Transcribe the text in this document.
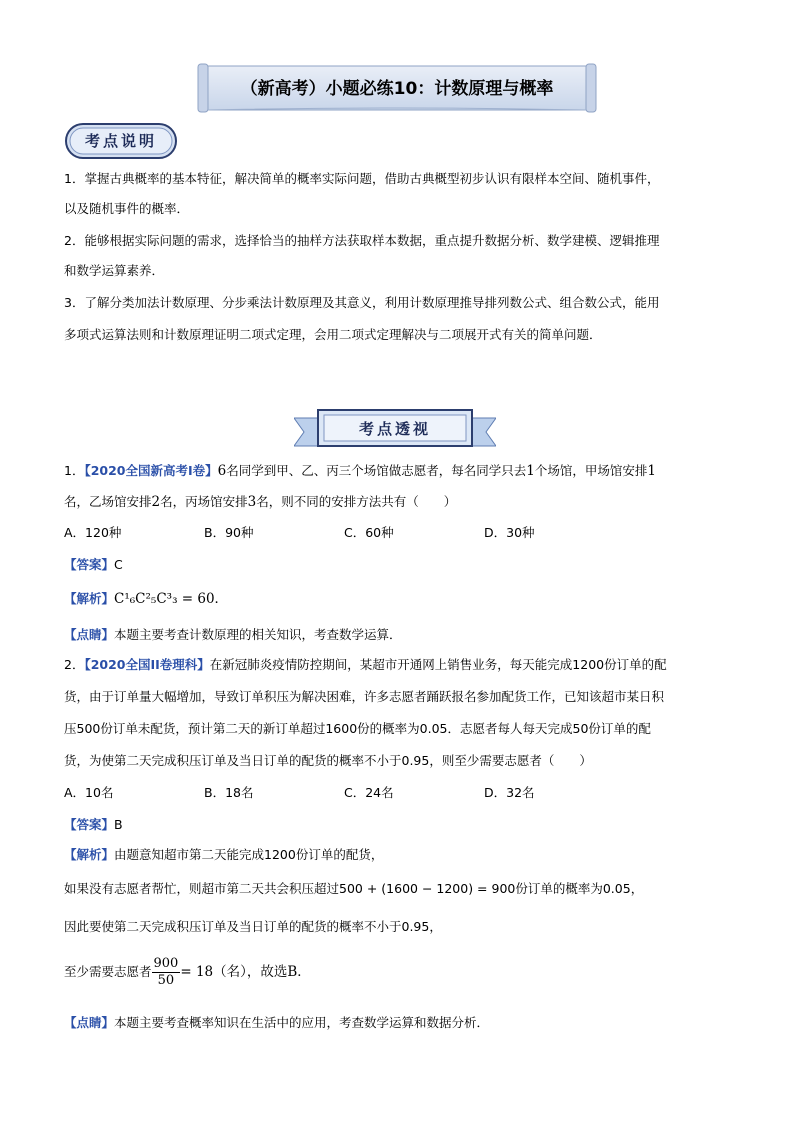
（新高考）小题必练10：计数原理与概率
考点说明
1．掌握古典概率的基本特征，解决简单的概率实际问题，借助古典概型初步认识有限样本空间、随机事件，
以及随机事件的概率．
2．能够根据实际问题的需求，选择恰当的抽样方法获取样本数据，重点提升数据分析、数学建模、逻辑推理
和数学运算素养．
3．了解分类加法计数原理、分步乘法计数原理及其意义，利用计数原理推导排列数公式、组合数公式，能用
多项式运算法则和计数原理证明二项式定理，会用二项式定理解决与二项展开式有关的简单问题．
考点透视
1．【2020全国新高考Ⅰ卷】6名同学到甲、乙、丙三个场馆做志愿者，每名同学只去1个场馆，甲场馆安排1
名，乙场馆安排2名，丙场馆安排3名，则不同的安排方法共有（　　）
A．120种	B．90种	C．60种	D．30种
【答案】C
【解析】C¹₆C²₅C³₃ = 60．
【点睛】本题主要考查计数原理的相关知识，考查数学运算．
2．【2020全国II卷理科】在新冠肺炎疫情防控期间，某超市开通网上销售业务，每天能完成1200份订单的配
货，由于订单量大幅增加，导致订单积压为解决困难，许多志愿者踊跃报名参加配货工作，已知该超市某日积
压500份订单未配货，预计第二天的新订单超过1600份的概率为0.05．志愿者每人每天完成50份订单的配
货，为使第二天完成积压订单及当日订单的配货的概率不小于0.95，则至少需要志愿者（　　）
A．10名	B．18名	C．24名	D．32名
【答案】B
【解析】由题意知超市第二天能完成1200份订单的配货，
如果没有志愿者帮忙，则超市第二天共会积压超过500 + (1600 − 1200) = 900份订单的概率为0.05，
因此要使第二天完成积压订单及当日订单的配货的概率不小于0.95，
至少需要志愿者 $\frac{900}{50} = 18$（名），故选B．
【点睛】本题主要考查概率知识在生活中的应用，考查数学运算和数据分析．
